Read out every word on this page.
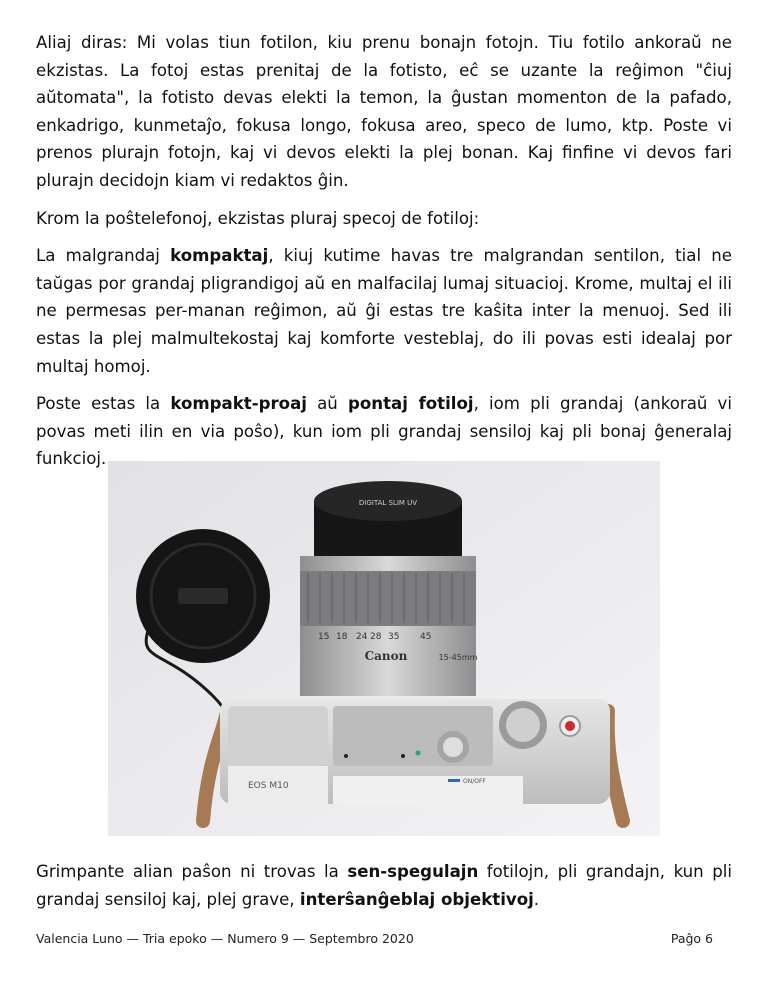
Aliaj diras: Mi volas tiun fotilon, kiu prenu bonajn fotojn. Tiu fotilo ankoraŭ ne ekzistas. La fotoj estas prenitaj de la fotisto, eĉ se uzante la reĝimon "ĉiuj aŭtomata", la fotisto devas elekti la temon, la ĝustan momenton de la pafado, enkadrigo, kunmetaĵo, fokusa longo, fokusa areo, speco de lumo, ktp. Poste vi prenos plurajn fotojn, kaj vi devos elekti la plej bonan. Kaj finfine vi devos fari plurajn decidojn kiam vi redaktos ĝin.

Krom la poŝtelefonoj, ekzistas pluraj specoj de fotiloj:

La malgrandaj kompaktaj, kiuj kutime havas tre malgrandan sentilon, tial ne taŭgas por grandaj pligrandigoj aŭ en malfacilaj lumaj situacioj. Krome, multaj el ili ne permesas per-manan reĝimon, aŭ ĝi estas tre kaŝita inter la menuoj. Sed ili estas la plej malmultekostaj kaj komforte vesteblaj, do ili povas esti idealaj por multaj homoj.

Poste estas la kompakt-proaj aŭ pontaj fotiloj, iom pli grandaj (ankoraŭ vi povas meti ilin en via poŝo), kun iom pli grandaj sensiloj kaj pli bonaj ĝeneralaj funkcioj.

DIGITAL SLIM UV
15 18 24 28 35 45
Canon	15-45mm
EOS M10	ON/OFF

Grimpante alian paŝon ni trovas la sen-spegulajn fotilojn, pli grandajn, kun pli grandaj sensiloj kaj, plej grave, interŝanĝeblaj objektivoj.

Valencia Luno — Tria epoko — Numero 9 — Septembro 2020	Paĝo 6
